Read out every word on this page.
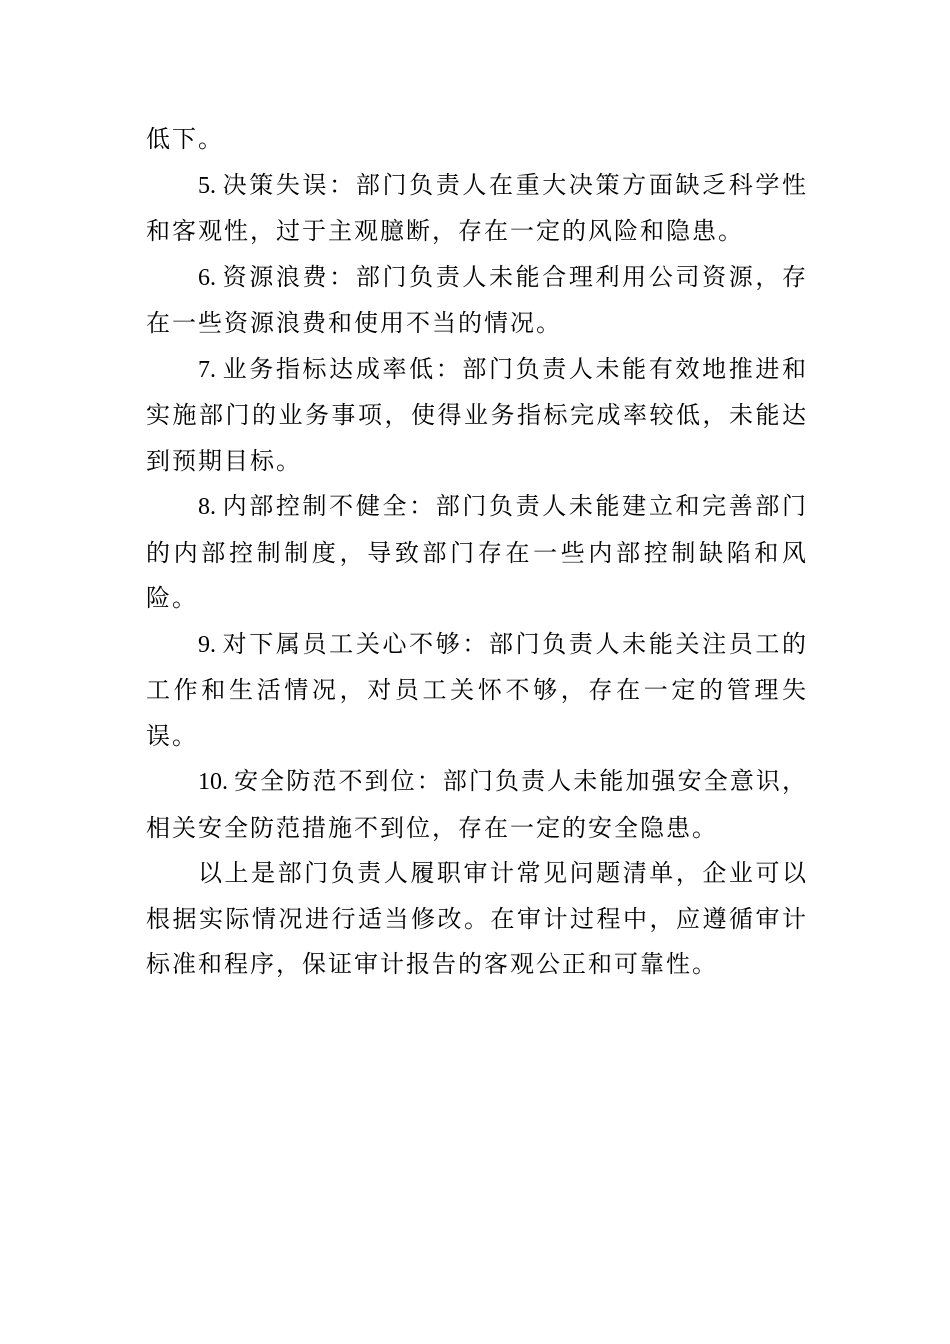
低下。

5. 决策失误：部门负责人在重大决策方面缺乏科学性和客观性，过于主观臆断，存在一定的风险和隐患。

6. 资源浪费：部门负责人未能合理利用公司资源，存在一些资源浪费和使用不当的情况。

7. 业务指标达成率低：部门负责人未能有效地推进和实施部门的业务事项，使得业务指标完成率较低，未能达到预期目标。

8. 内部控制不健全：部门负责人未能建立和完善部门的内部控制制度，导致部门存在一些内部控制缺陷和风险。

9. 对下属员工关心不够：部门负责人未能关注员工的工作和生活情况，对员工关怀不够，存在一定的管理失误。

10. 安全防范不到位：部门负责人未能加强安全意识，相关安全防范措施不到位，存在一定的安全隐患。

以上是部门负责人履职审计常见问题清单，企业可以根据实际情况进行适当修改。在审计过程中，应遵循审计标准和程序，保证审计报告的客观公正和可靠性。
